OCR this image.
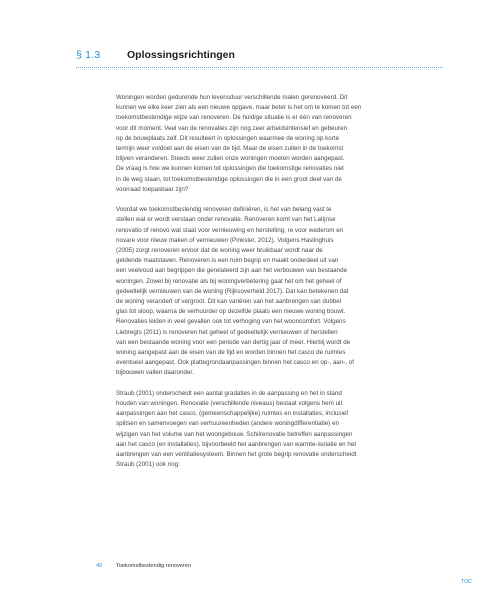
§ 1.3	Oplossingsrichtingen
Woningen worden gedurende hun levensduur verschillende malen gerenoveerd. Dit
kunnen we elke keer zien als een nieuwe opgave, maar beter is het om te komen tot een
toekomstbestendige wijze van renoveren. De huidige situatie is er één van renoveren
voor dit moment. Veel van de renovaties zijn nog zeer arbeidsintensief en gebeuren
op de bouwplaats zelf. Dit resulteert in oplossingen waarmee de woning op korte
termijn weer voldoet aan de eisen van de tijd. Maar de eisen zullen in de toekomst
blijven veranderen. Steeds weer zullen onze woningen moeten worden aangepast.
De vraag is hoe we kunnen komen tot oplossingen die toekomstige renovaties niet
in de weg staan, tot toekomstbestendige oplossingen die in een groot deel van de
voorraad toepasbaar zijn?
Voordat we toekomstbestendig renoveren definiëren, is het van belang vast te
stellen wat er wordt verstaan onder renovatie. Renoveren komt van het Latijnse
renovatio of renovo wat staat voor vernieuwing en herstelling, re voor wederom en
novare voor nieuw maken of vernieuwen (Pinkster, 2012). Volgens Haslinghuis
(2005) zorgt renoveren ervoor dat de woning weer bruikbaar wordt naar de
geldende maatstaven. Renoveren is een ruim begrip en maakt onderdeel uit van
een veelvoud aan begrippen die gerelateerd zijn aan het verbouwen van bestaande
woningen. Zowel bij renovatie als bij woningverbetering gaat het om het geheel of
gedeeltelijk vernieuwen van de woning (Rijksoverheid 2017). Dat kan betekenen dat
de woning verandert of vergroot. Dit kan variëren van het aanbrengen van dubbel
glas tot sloop, waarna de verhuurder op dezelfde plaats een nieuwe woning bouwt.
Renovaties leiden in veel gevallen ook tot verhoging van het wooncomfort. Volgens
Liebregts (2011) is renoveren het geheel of gedeeltelijk vernieuwen of herstellen
van een bestaande woning voor een periode van dertig jaar of meer. Hierbij wordt de
woning aangepast aan de eisen van de tijd en worden binnen het casco de ruimtes
eventueel aangepast. Ook plattegrondaanpassingen binnen het casco en op-, aan-, of
bijbouwen vallen daaronder.
Straub (2001) onderscheidt een aantal gradaties in de aanpassing en het in stand
houden van woningen. Renovatie (verschillende niveaus) bestaat volgens hem uit
aanpassingen aan het casco, (gemeenschappelijke) ruimtes en installaties, inclusief
splitsen en samenvoegen van verhuureenheden (andere woningdifferentiatie) en
wijzigen van het volume van het woongebouw. Schilrenovatie betreffen aanpassingen
aan het casco (en installaties), bijvoorbeeld het aanbrengen van warmte-isolatie en het
aanbrengen van een ventilatiesysteem. Binnen het grote begrip renovatie onderscheidt
Straub (2001) ook nog:
40	Toekomstbestendig renoveren
TOC
